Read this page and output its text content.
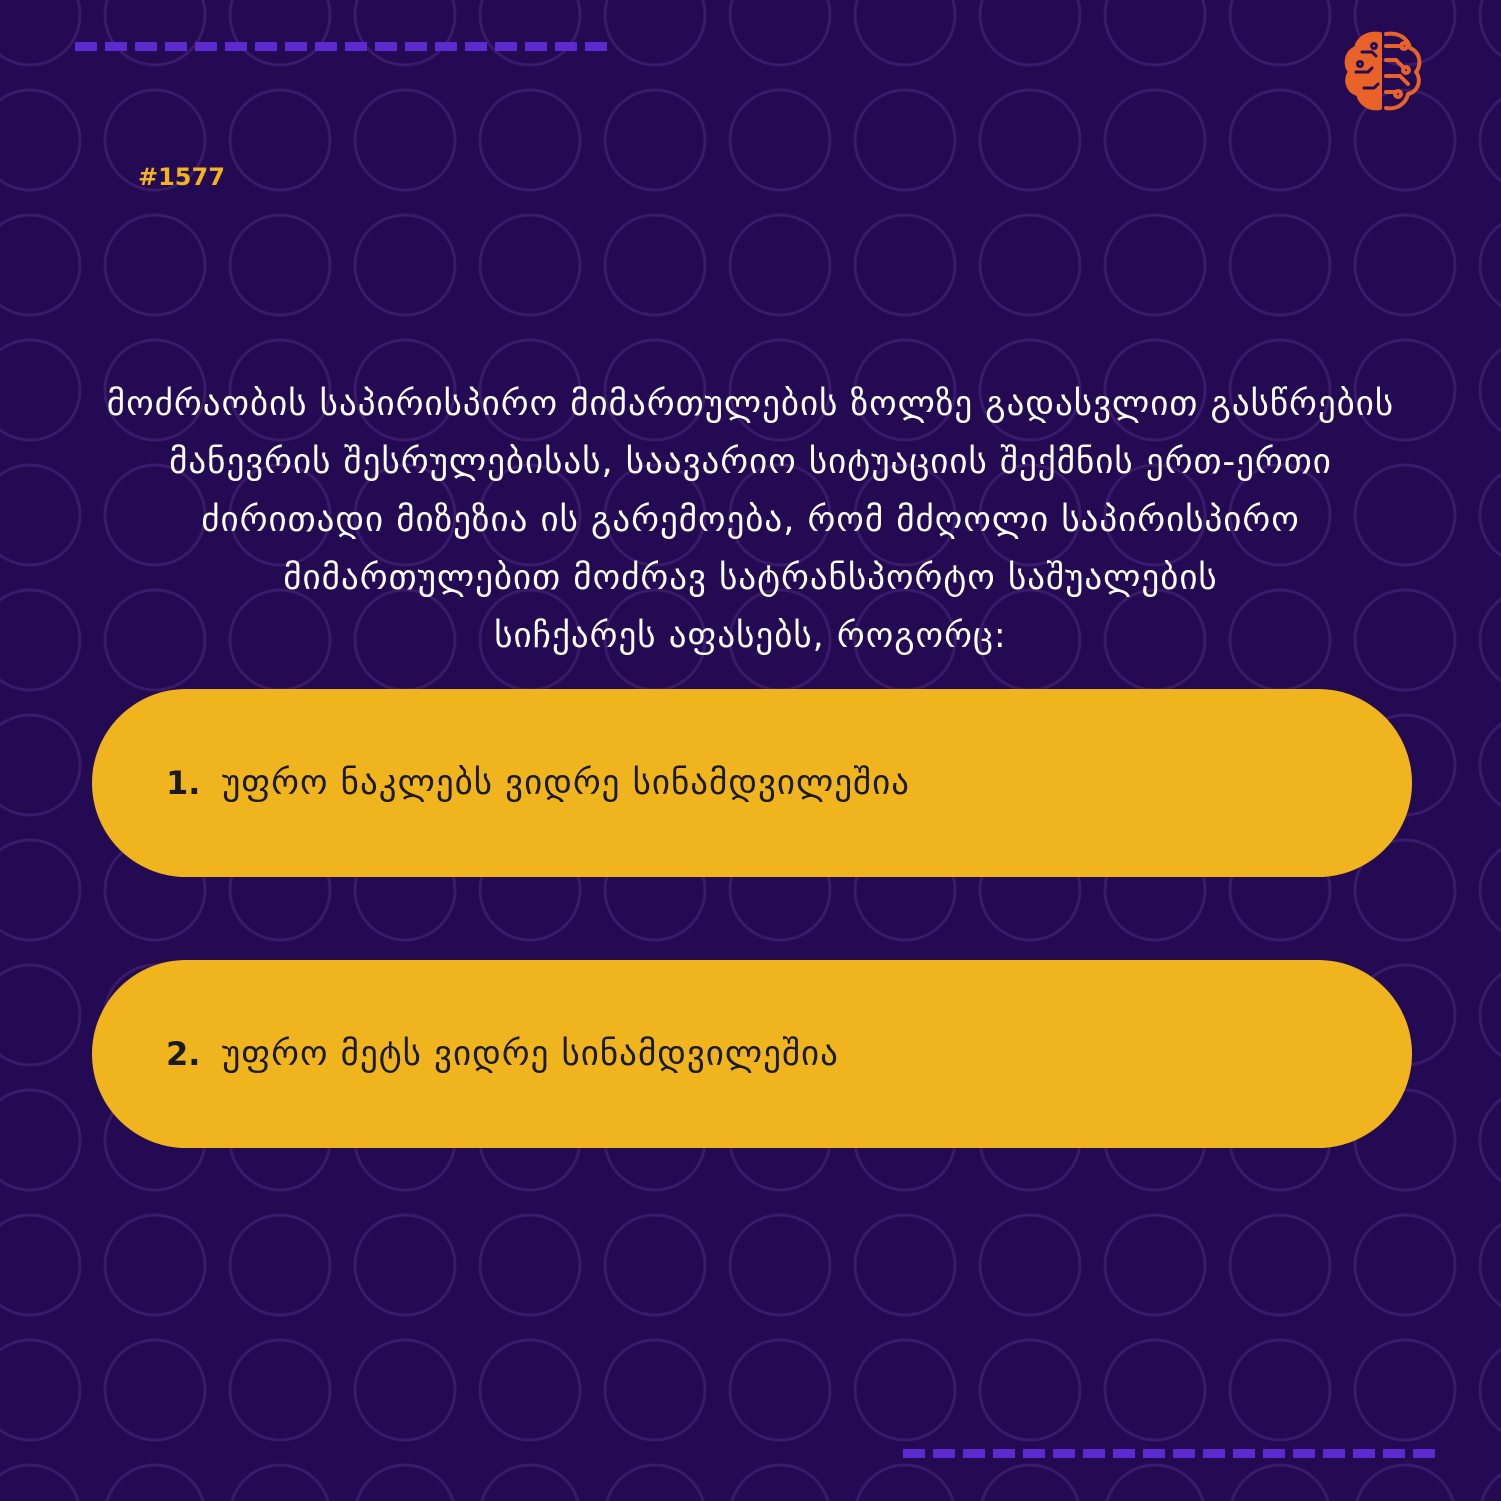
#1577
მოძრაობის საპირისპირო მიმართულების ზოლზე გადასვლით გასწრების
მანევრის შესრულებისას, საავარიო სიტუაციის შექმნის ერთ-ერთი
ძირითადი მიზეზია ის გარემოება, რომ მძღოლი საპირისპირო
მიმართულებით მოძრავ სატრანსპორტო საშუალების
სიჩქარეს აფასებს, როგორც:
1. უფრო ნაკლებს ვიდრე სინამდვილეშია
2. უფრო მეტს ვიდრე სინამდვილეშია
